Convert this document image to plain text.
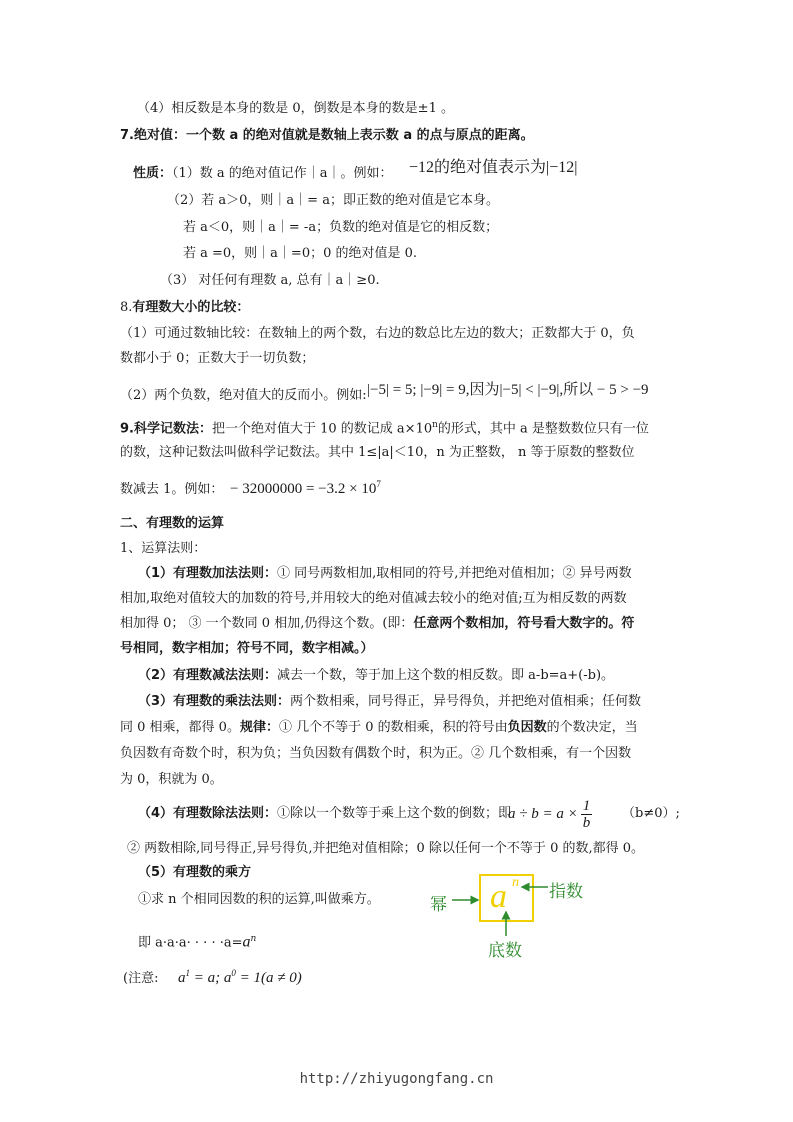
（4）相反数是本身的数是 0，倒数是本身的数是±1 。
7.绝对值：一个数 a 的绝对值就是数轴上表示数 a 的点与原点的距离。
性质：（1）数 a 的绝对值记作｜a｜。例如： −12的绝对值表示为|−12|
（2）若 a＞0，则｜a｜= a；即正数的绝对值是它本身。
若 a＜0，则｜a｜= -a；负数的绝对值是它的相反数；
若 a =0，则｜a｜=0；0 的绝对值是 0.
（3） 对任何有理数 a, 总有｜a｜≥0.
8.有理数大小的比较：
（1）可通过数轴比较：在数轴上的两个数，右边的数总比左边的数大；正数都大于 0，负
数都小于 0；正数大于一切负数；
（2）两个负数，绝对值大的反而小。例如: |−5| = 5; |−9| = 9,因为|−5| < |−9|,所以 − 5 > −9
9.科学记数法：把一个绝对值大于 10 的数记成 $a\times 10^n$的形式，其中 a 是整数数位只有一位
的数，这种记数法叫做科学记数法。其中 1≤|a|＜10，n 为正整数， n 等于原数的整数位
数减去 1。例如： − $32000000 = -3.2 \times 10^7$
二、有理数的运算
1、运算法则：
（1）有理数加法法则：① 同号两数相加,取相同的符号,并把绝对值相加；② 异号两数
相加,取绝对值较大的加数的符号,并用较大的绝对值减去较小的绝对值;互为相反数的两数
相加得 0； ③ 一个数同 0 相加,仍得这个数。(即：任意两个数相加，符号看大数字的。符
号相同，数字相加；符号不同，数字相减。）
（2）有理数减法法则：减去一个数，等于加上这个数的相反数。即 a-b=a+(-b)。
（3）有理数的乘法法则：两个数相乘，同号得正，异号得负，并把绝对值相乘；任何数
同 0 相乘，都得 0。规律：① 几个不等于 0 的数相乘，积的符号由负因数的个数决定，当
负因数有奇数个时，积为负；当负因数有偶数个时，积为正。② 几个数相乘，有一个因数
为 0，积就为 0。
（4）有理数除法法则：①除以一个数等于乘上这个数的倒数；即
$a \div b = a \times \frac{1}{b} (b\ne 0)$;
② 两数相除,同号得正,异号得负,并把绝对值相除；0 除以任何一个不等于 0 的数,都得 0。
（5）有理数的乘方
①求 n 个相同因数的积的运算,叫做乘方。
即 a·a·a· · · · $\cdot a=a^n$
(注意: $a^1 = a$; $a^0 = 1(a \ne 0)$
a n
幂
指数
底数
http://zhiyugongfang.cn
